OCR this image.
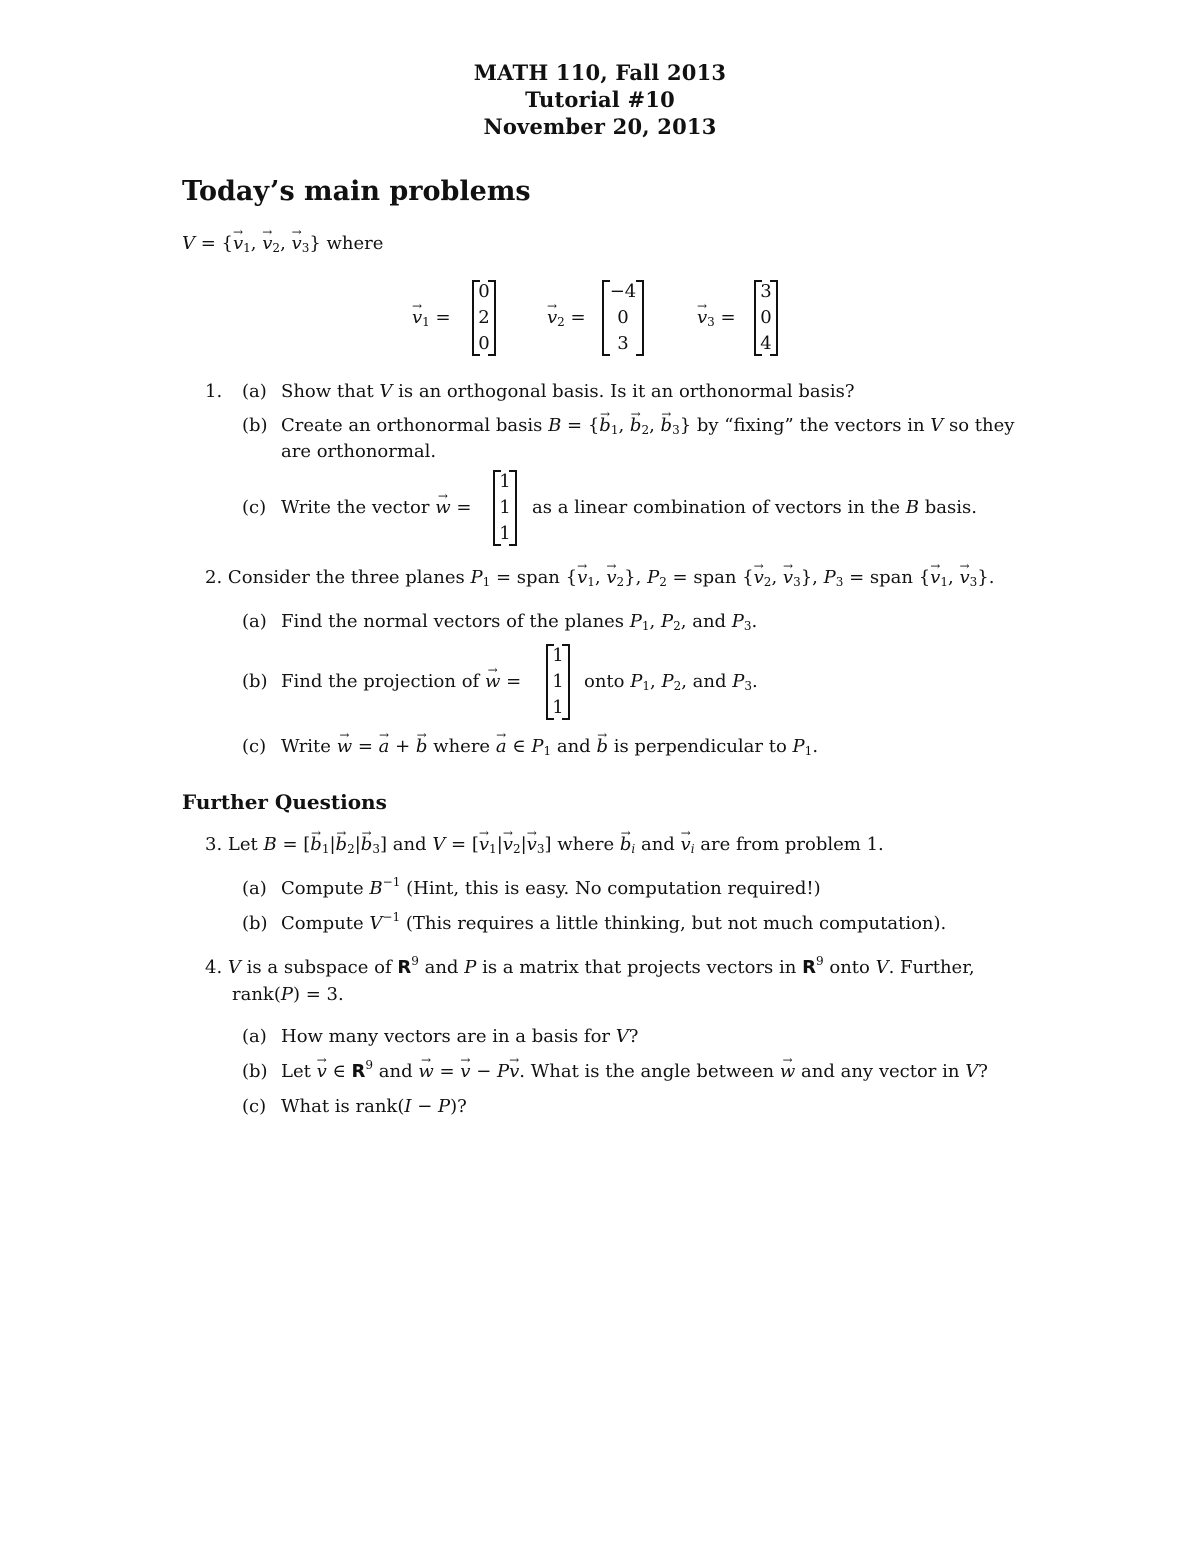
MATH 110, Fall 2013
Tutorial #10
November 20, 2013
Today’s main problems
V = {→ $v_1$, → $v_2$, → $v_3$} where
→ $v_1$ =
0
2
0
→ $v_2$ =
−4
0
3
→ $v_3$ =
3
0
4
1. (a) Show that V is an orthogonal basis. Is it an orthonormal basis?
(b) Create an orthonormal basis B = {→ $b_1$, → $b_2$, → $b_3$} by “fixing” the vectors in V so they
are orthonormal.
(c) Write the vector → w =
1
1
1
as a linear combination of vectors in the B basis.
2. Consider the three planes $P_1$ = span {→ $v_1$, → $v_2$}, $P_2$ = span {→ $v_2$, → $v_3$}, $P_3$ = span {→ $v_1$, → $v_3$}.
(a) Find the normal vectors of the planes $P_1$, $P_2$, and $P_3$.
(b) Find the projection of → w =
1
1
1
onto $P_1$, $P_2$, and $P_3$.
(c) Write → w = → a + → b where → a ∈ $P_1$ and → b is perpendicular to $P_1$.
Further Questions
3. Let B = [→ $b_1|\to b_2|\to b_3$] and V = [→ $v_1|\to v_2|\to v_3$] where → $b_i$ and → $v_i$ are from problem 1.
(a) Compute $B^{-1}$ (Hint, this is easy. No computation required!)
(b) Compute $V^{-1}$ (This requires a little thinking, but not much computation).
4. V is a subspace of $R^9$ and P is a matrix that projects vectors in $R^9$ onto V. Further,
rank(P) = 3.
(a) How many vectors are in a basis for V?
(b) Let → v ∈ $R^9$ and → w = → v − P→ v. What is the angle between → w and any vector in V?
(c) What is rank(I − P)?
